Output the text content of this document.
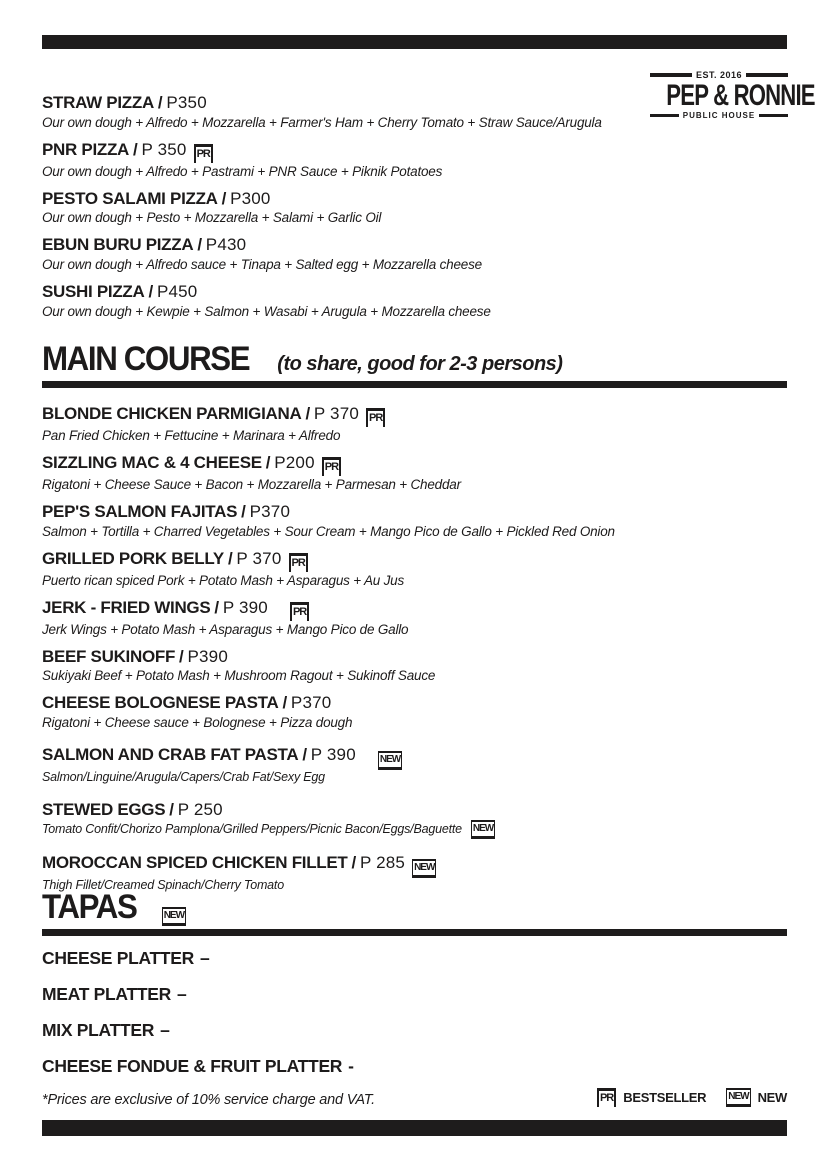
EST. 2016
PEP & RONNIE
PUBLIC HOUSE
STRAW PIZZA / P350
Our own dough + Alfredo + Mozzarella + Farmer's Ham + Cherry Tomato + Straw Sauce/Arugula
PNR PIZZA / P 350 PR
Our own dough + Alfredo + Pastrami + PNR Sauce + Piknik Potatoes
PESTO SALAMI PIZZA / P300
Our own dough + Pesto + Mozzarella + Salami + Garlic Oil
EBUN BURU PIZZA / P430
Our own dough + Alfredo sauce + Tinapa + Salted egg + Mozzarella cheese
SUSHI PIZZA / P450
Our own dough + Kewpie + Salmon + Wasabi + Arugula + Mozzarella cheese
MAIN COURSE (to share, good for 2-3 persons)
BLONDE CHICKEN PARMIGIANA / P 370 PR
Pan Fried Chicken + Fettucine + Marinara + Alfredo
SIZZLING MAC & 4 CHEESE / P200 PR
Rigatoni + Cheese Sauce + Bacon + Mozzarella + Parmesan + Cheddar
PEP'S SALMON FAJITAS / P370
Salmon + Tortilla + Charred Vegetables + Sour Cream + Mango Pico de Gallo + Pickled Red Onion
GRILLED PORK BELLY / P 370 PR
Puerto rican spiced Pork + Potato Mash + Asparagus + Au Jus
JERK - FRIED WINGS / P 390 PR
Jerk Wings + Potato Mash + Asparagus + Mango Pico de Gallo
BEEF SUKINOFF / P390
Sukiyaki Beef + Potato Mash + Mushroom Ragout + Sukinoff Sauce
CHEESE BOLOGNESE PASTA / P370
Rigatoni + Cheese sauce + Bolognese + Pizza dough
SALMON AND CRAB FAT PASTA / P 390 NEW
Salmon/Linguine/Arugula/Capers/Crab Fat/Sexy Egg
STEWED EGGS / P 250
Tomato Confit/Chorizo Pamplona/Grilled Peppers/Picnic Bacon/Eggs/Baguette NEW
MOROCCAN SPICED CHICKEN FILLET / P 285 NEW
Thigh Fillet/Creamed Spinach/Cherry Tomato
TAPAS	NEW
CHEESE PLATTER –
MEAT PLATTER –
MIX PLATTER –
CHEESE FONDUE & FRUIT PLATTER -
*Prices are exclusive of 10% service charge and VAT.	PR BESTSELLER NEW NEW
